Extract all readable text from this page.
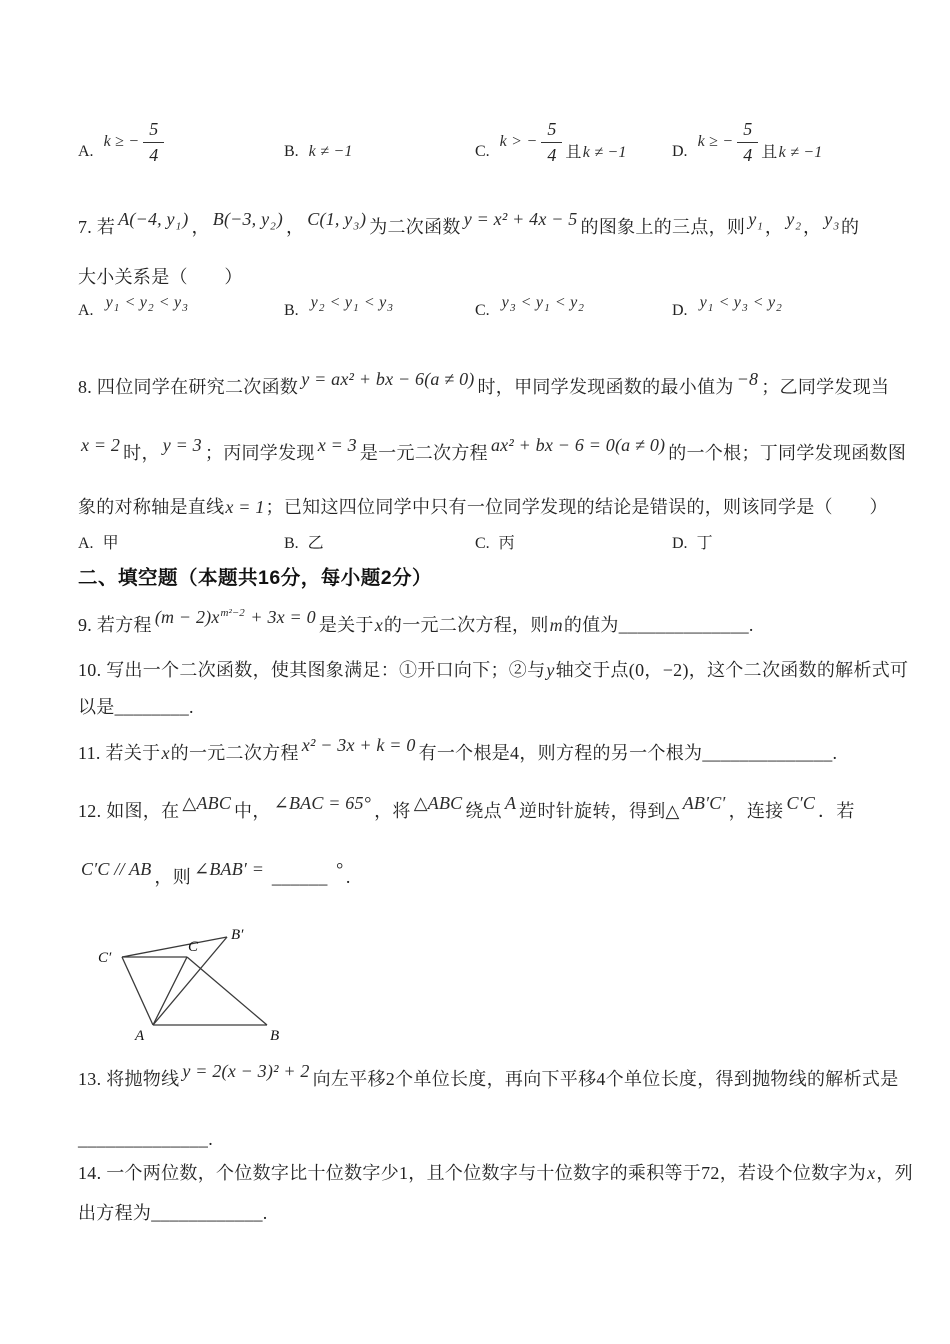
A.
k ≥ − $\frac{5}{4}$	B. k ≠ −1	C.
k > − $\frac{5}{4}$ 且k ≠ −1	D.
k ≥ − $\frac{5}{4}$ 且k ≠ −1
7. 若 A(−4, $y_1$) ， B(−3, $y_2$) ， C(1, $y_3$) 为二次函数 y = x² + 4x − 5 的图象上的三点，则 $y_1$ ， $y_2$ ， $y_3$ 的
大小关系是（　　）
A. $y_1 < y_2 < y_3$	B. $y_2 < y_1 < y_3$	C. $y_3 < y_1 < y_2$	D. $y_1 < y_3 < y_2$
8. 四位同学在研究二次函数 y = ax² + bx − 6(a ≠ 0) 时，甲同学发现函数的最小值为 −8 ；乙同学发现当
x = 2 时， y = 3 ；丙同学发现 x = 3 是一元二次方程 ax² + bx − 6 = 0(a ≠ 0) 的一个根；丁同学发现函数图
象的对称轴是直线x = 1；已知这四位同学中只有一位同学发现的结论是错误的，则该同学是（　　）
A. 甲	B. 乙	C. 丙	D. 丁
二、填空题（本题共16分，每小题2分）
9. 若方程 $(m - 2)x^{m^2-2} + 3x = 0$ 是关于x的一元二次方程，则m的值为______________.
10. 写出一个二次函数，使其图象满足：①开口向下；②与y轴交于点(0，−2)，这个二次函数的解析式可
以是________.
11. 若关于x的一元二次方程 x² − 3x + k = 0 有一个根是4，则方程的另一个根为______________.
12. 如图，在 △ABC 中， ∠BAC = 65° ，将 △ABC 绕点 A 逆时针旋转，得到△ AB′C′ ，连接 C′C ．若
C′C // AB ，则 ∠BAB′ = ______ ° .
C′
B′
C
A	B
13. 将抛物线 y = 2(x − 3)² + 2 向左平移2个单位长度，再向下平移4个单位长度，得到抛物线的解析式是
______________.
14. 一个两位数，个位数字比十位数字少1，且个位数字与十位数字的乘积等于72，若设个位数字为x，列
出方程为____________.
